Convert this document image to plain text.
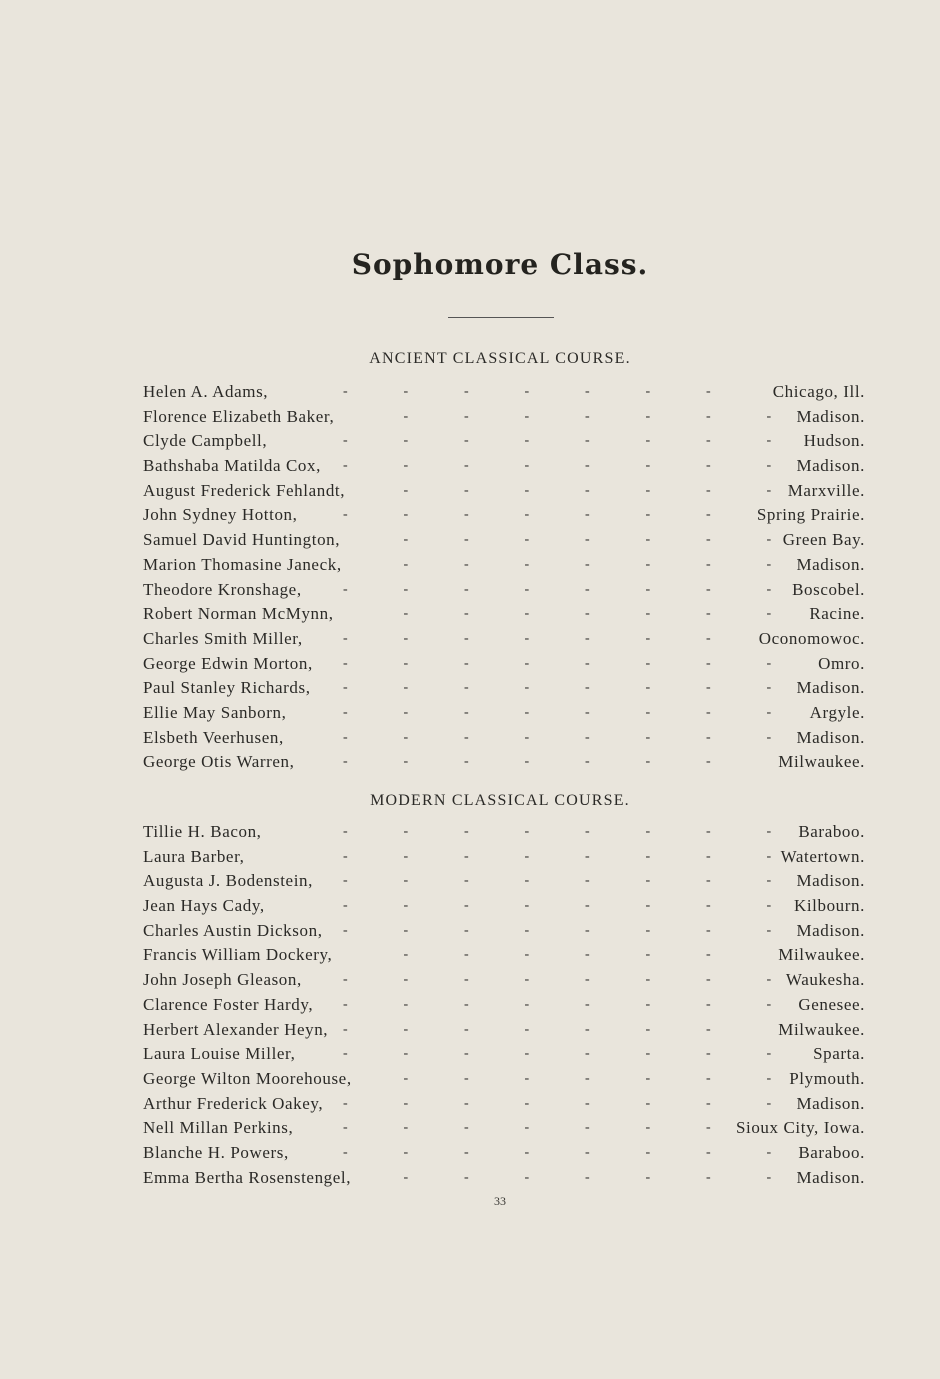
Sophomore Class.
ANCIENT CLASSICAL COURSE.
-	-	-	-	-	-	-
Helen A. Adams,	Chicago, Ill.
-	-	-	-	-	-	-
Florence Elizabeth Baker,	Madison.
-	-	-	-	-	-	-	-
Clyde Campbell,	Hudson.
-	-	-	-	-	-	-	-
Bathshaba Matilda Cox,	Madison.
-	-	-	-	-	-	-
August Frederick Fehlandt,	Marxville.
-	-	-	-	-	-	-
John Sydney Hotton,	Spring Prairie.
-	-	-	-	-	-	-
Samuel David Huntington,	Green Bay.
-	-	-	-	-	-	-
Marion Thomasine Janeck,	Madison.
-	-	-	-	-	-	-	-
Theodore Kronshage,	Boscobel.
-	-	-	-	-	-	-
Robert Norman McMynn,	Racine.
-	-	-	-	-	-	-
Charles Smith Miller,	Oconomowoc.
-	-	-	-	-	-	-	-
George Edwin Morton,	Omro.
-	-	-	-	-	-	-	-
Paul Stanley Richards,	Madison.
-	-	-	-	-	-	-	-
Ellie May Sanborn,	Argyle.
-	-	-	-	-	-	-	-
Elsbeth Veerhusen,	Madison.
-	-	-	-	-	-	-
George Otis Warren,	Milwaukee.
MODERN CLASSICAL COURSE.
-	-	-	-	-	-	-	-
Tillie H. Bacon,	Baraboo.
-	-	-	-	-	-	-	-
Laura Barber,	Watertown.
-	-	-	-	-	-	-	-
Augusta J. Bodenstein,	Madison.
-	-	-	-	-	-	-	-
Jean Hays Cady,	Kilbourn.
-	-	-	-	-	-	-	-
Charles Austin Dickson,	Madison.
-	-	-	-	-	-
Francis William Dockery,	Milwaukee.
-	-	-	-	-	-	-	-
John Joseph Gleason,	Waukesha.
-	-	-	-	-	-	-	-
Clarence Foster Hardy,	Genesee.
-	-	-	-	-	-	-
Herbert Alexander Heyn,	Milwaukee.
-	-	-	-	-	-	-	-
Laura Louise Miller,	Sparta.
-	-	-	-	-	-	-
George Wilton Moorehouse,	Plymouth.
-	-	-	-	-	-	-	-
Arthur Frederick Oakey,	Madison.
-	-	-	-	-	-	-
Nell Millan Perkins,	Sioux City, Iowa.
-	-	-	-	-	-	-	-
Blanche H. Powers,	Baraboo.
-	-	-	-	-	-	-
Emma Bertha Rosenstengel,	Madison.
33
